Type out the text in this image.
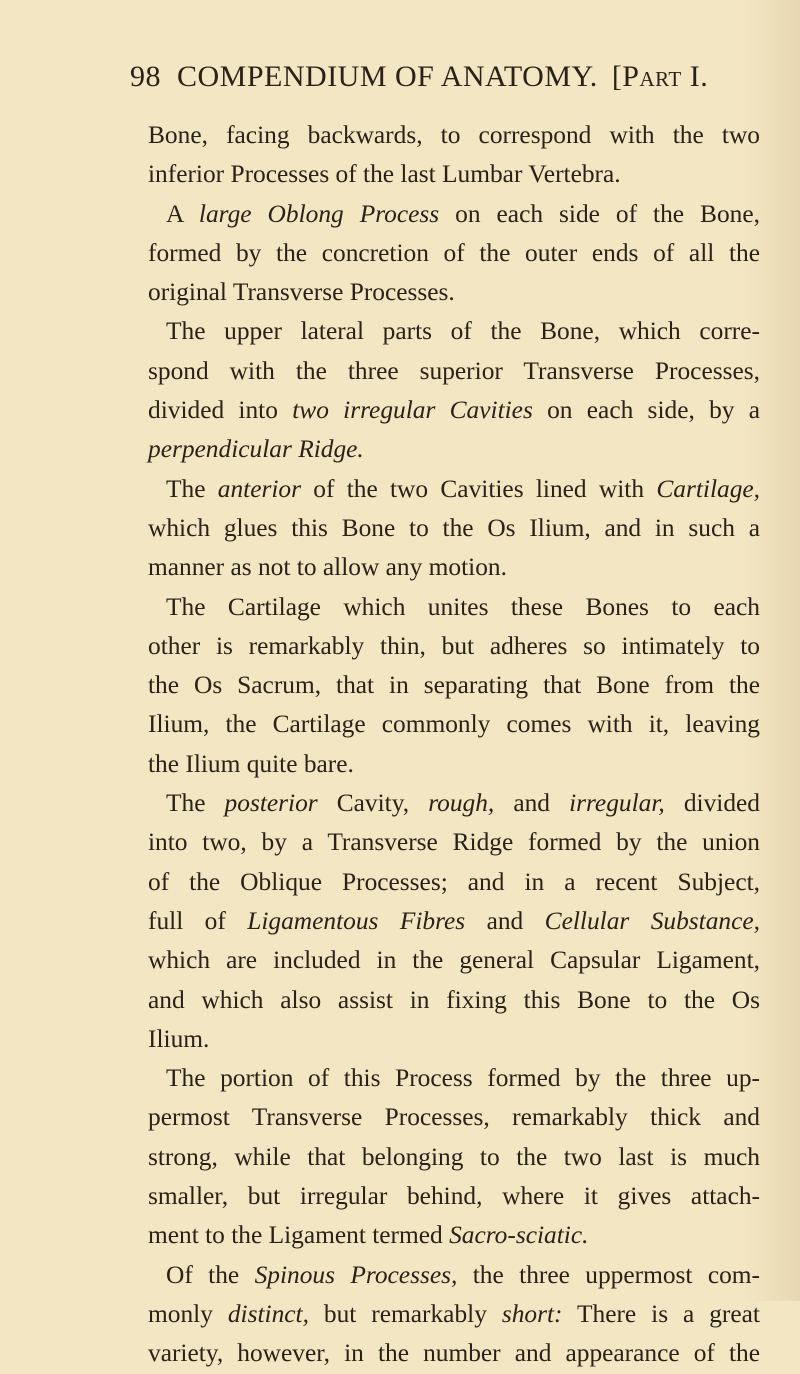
98 COMPENDIUM OF ANATOMY. [Part I.
Bone, facing backwards, to correspond with the two
inferior Processes of the last Lumbar Vertebra.
A large Oblong Process on each side of the Bone,
formed by the concretion of the outer ends of all the
original Transverse Processes.
The upper lateral parts of the Bone, which corre-
spond with the three superior Transverse Processes,
divided into two irregular Cavities on each side, by a
perpendicular Ridge.
The anterior of the two Cavities lined with Cartilage,
which glues this Bone to the Os Ilium, and in such a
manner as not to allow any motion.
The Cartilage which unites these Bones to each
other is remarkably thin, but adheres so intimately to
the Os Sacrum, that in separating that Bone from the
Ilium, the Cartilage commonly comes with it, leaving
the Ilium quite bare.
The posterior Cavity, rough, and irregular, divided
into two, by a Transverse Ridge formed by the union
of the Oblique Processes; and in a recent Subject,
full of Ligamentous Fibres and Cellular Substance,
which are included in the general Capsular Ligament,
and which also assist in fixing this Bone to the Os
Ilium.
The portion of this Process formed by the three up-
permost Transverse Processes, remarkably thick and
strong, while that belonging to the two last is much
smaller, but irregular behind, where it gives attach-
ment to the Ligament termed Sacro-sciatic.
Of the Spinous Processes, the three uppermost com-
monly distinct, but remarkably short: There is a great
variety, however, in the number and appearance of the
